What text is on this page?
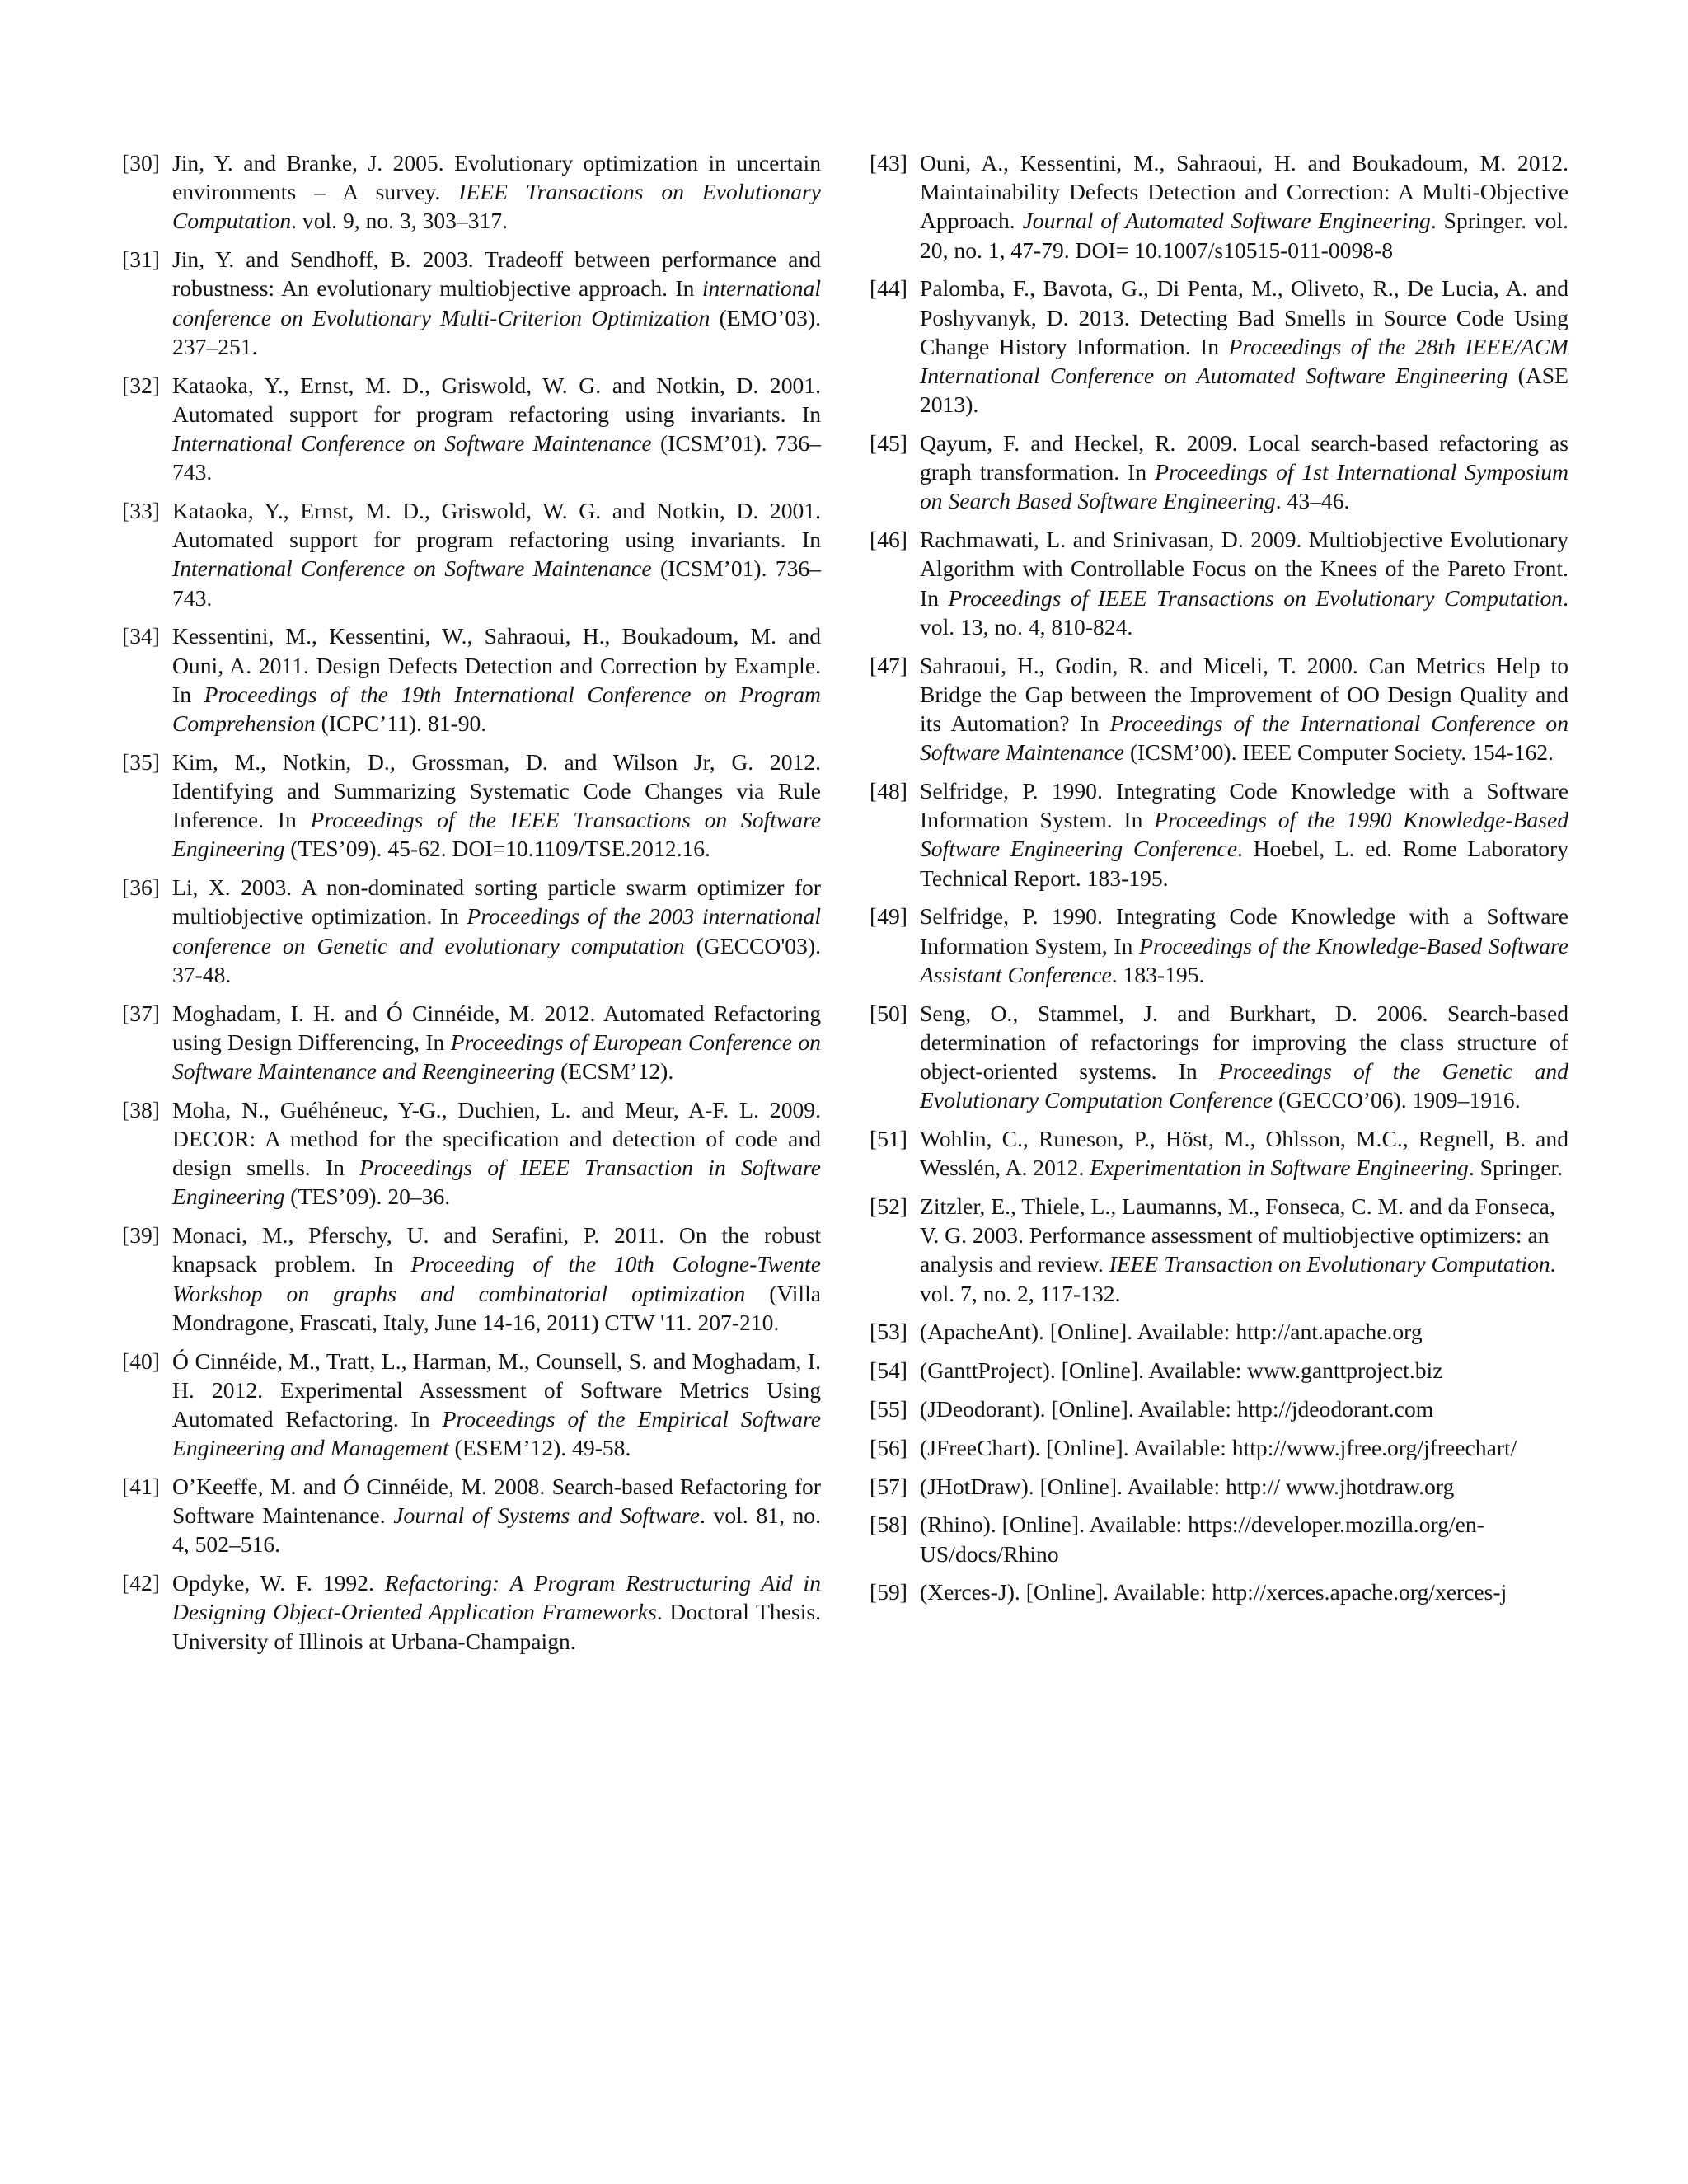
[30] Jin, Y. and Branke, J. 2005. Evolutionary optimization in uncertain environments – A survey. IEEE Transactions on Evolutionary Computation. vol. 9, no. 3, 303–317.
[31] Jin, Y. and Sendhoff, B. 2003. Tradeoff between performance and robustness: An evolutionary multiobjective approach. In international conference on Evolutionary Multi-Criterion Optimization (EMO’03). 237–251.
[32] Kataoka, Y., Ernst, M. D., Griswold, W. G. and Notkin, D. 2001. Automated support for program refactoring using invariants. In International Conference on Software Maintenance (ICSM’01). 736–743.
[33] Kataoka, Y., Ernst, M. D., Griswold, W. G. and Notkin, D. 2001. Automated support for program refactoring using invariants. In International Conference on Software Maintenance (ICSM’01). 736–743.
[34] Kessentini, M., Kessentini, W., Sahraoui, H., Boukadoum, M. and Ouni, A. 2011. Design Defects Detection and Correction by Example. In Proceedings of the 19th International Conference on Program Comprehension (ICPC’11). 81-90.
[35] Kim, M., Notkin, D., Grossman, D. and Wilson Jr, G. 2012. Identifying and Summarizing Systematic Code Changes via Rule Inference. In Proceedings of the IEEE Transactions on Software Engineering (TES’09). 45-62. DOI=10.1109/TSE.2012.16.
[36] Li, X. 2003. A non-dominated sorting particle swarm optimizer for multiobjective optimization. In Proceedings of the 2003 international conference on Genetic and evolutionary computation (GECCO'03). 37-48.
[37] Moghadam, I. H. and Ó Cinnéide, M. 2012. Automated Refactoring using Design Differencing, In Proceedings of European Conference on Software Maintenance and Reengineering (ECSM’12).
[38] Moha, N., Guéhéneuc, Y-G., Duchien, L. and Meur, A-F. L. 2009. DECOR: A method for the specification and detection of code and design smells. In Proceedings of IEEE Transaction in Software Engineering (TES’09). 20–36.
[39] Monaci, M., Pferschy, U. and Serafini, P. 2011. On the robust knapsack problem. In Proceeding of the 10th Cologne-Twente Workshop on graphs and combinatorial optimization (Villa Mondragone, Frascati, Italy, June 14-16, 2011) CTW '11. 207-210.
[40] Ó Cinnéide, M., Tratt, L., Harman, M., Counsell, S. and Moghadam, I. H. 2012. Experimental Assessment of Software Metrics Using Automated Refactoring. In Proceedings of the Empirical Software Engineering and Management (ESEM’12). 49-58.
[41] O’Keeffe, M. and Ó Cinnéide, M. 2008. Search-based Refactoring for Software Maintenance. Journal of Systems and Software. vol. 81, no. 4, 502–516.
[42] Opdyke, W. F. 1992. Refactoring: A Program Restructuring Aid in Designing Object-Oriented Application Frameworks. Doctoral Thesis. University of Illinois at Urbana-Champaign.
[43] Ouni, A., Kessentini, M., Sahraoui, H. and Boukadoum, M. 2012. Maintainability Defects Detection and Correction: A Multi-Objective Approach. Journal of Automated Software Engineering. Springer. vol. 20, no. 1, 47-79. DOI= 10.1007/s10515-011-0098-8
[44] Palomba, F., Bavota, G., Di Penta, M., Oliveto, R., De Lucia, A. and Poshyvanyk, D. 2013. Detecting Bad Smells in Source Code Using Change History Information. In Proceedings of the 28th IEEE/ACM International Conference on Automated Software Engineering (ASE 2013).
[45] Qayum, F. and Heckel, R. 2009. Local search-based refactoring as graph transformation. In Proceedings of 1st International Symposium on Search Based Software Engineering. 43–46.
[46] Rachmawati, L. and Srinivasan, D. 2009. Multiobjective Evolutionary Algorithm with Controllable Focus on the Knees of the Pareto Front. In Proceedings of IEEE Transactions on Evolutionary Computation. vol. 13, no. 4, 810-824.
[47] Sahraoui, H., Godin, R. and Miceli, T. 2000. Can Metrics Help to Bridge the Gap between the Improvement of OO Design Quality and its Automation? In Proceedings of the International Conference on Software Maintenance (ICSM’00). IEEE Computer Society. 154-162.
[48] Selfridge, P. 1990. Integrating Code Knowledge with a Software Information System. In Proceedings of the 1990 Knowledge-Based Software Engineering Conference. Hoebel, L. ed. Rome Laboratory Technical Report. 183-195.
[49] Selfridge, P. 1990. Integrating Code Knowledge with a Software Information System, In Proceedings of the Knowledge-Based Software Assistant Conference. 183-195.
[50] Seng, O., Stammel, J. and Burkhart, D. 2006. Search-based determination of refactorings for improving the class structure of object-oriented systems. In Proceedings of the Genetic and Evolutionary Computation Conference (GECCO’06). 1909–1916.
[51] Wohlin, C., Runeson, P., Höst, M., Ohlsson, M.C., Regnell, B. and Wesslén, A. 2012. Experimentation in Software Engineering. Springer.
[52] Zitzler, E., Thiele, L., Laumanns, M., Fonseca, C. M. and da Fonseca, V. G. 2003. Performance assessment of multiobjective optimizers: an analysis and review. IEEE Transaction on Evolutionary Computation. vol. 7, no. 2, 117-132.
[53] (ApacheAnt). [Online]. Available: http://ant.apache.org
[54] (GanttProject). [Online]. Available: www.ganttproject.biz
[55] (JDeodorant). [Online]. Available: http://jdeodorant.com
[56] (JFreeChart). [Online]. Available: http://www.jfree.org/jfreechart/
[57] (JHotDraw). [Online]. Available: http:// www.jhotdraw.org
[58] (Rhino). [Online]. Available: https://developer.mozilla.org/en-US/docs/Rhino
[59] (Xerces-J). [Online]. Available: http://xerces.apache.org/xerces-j
